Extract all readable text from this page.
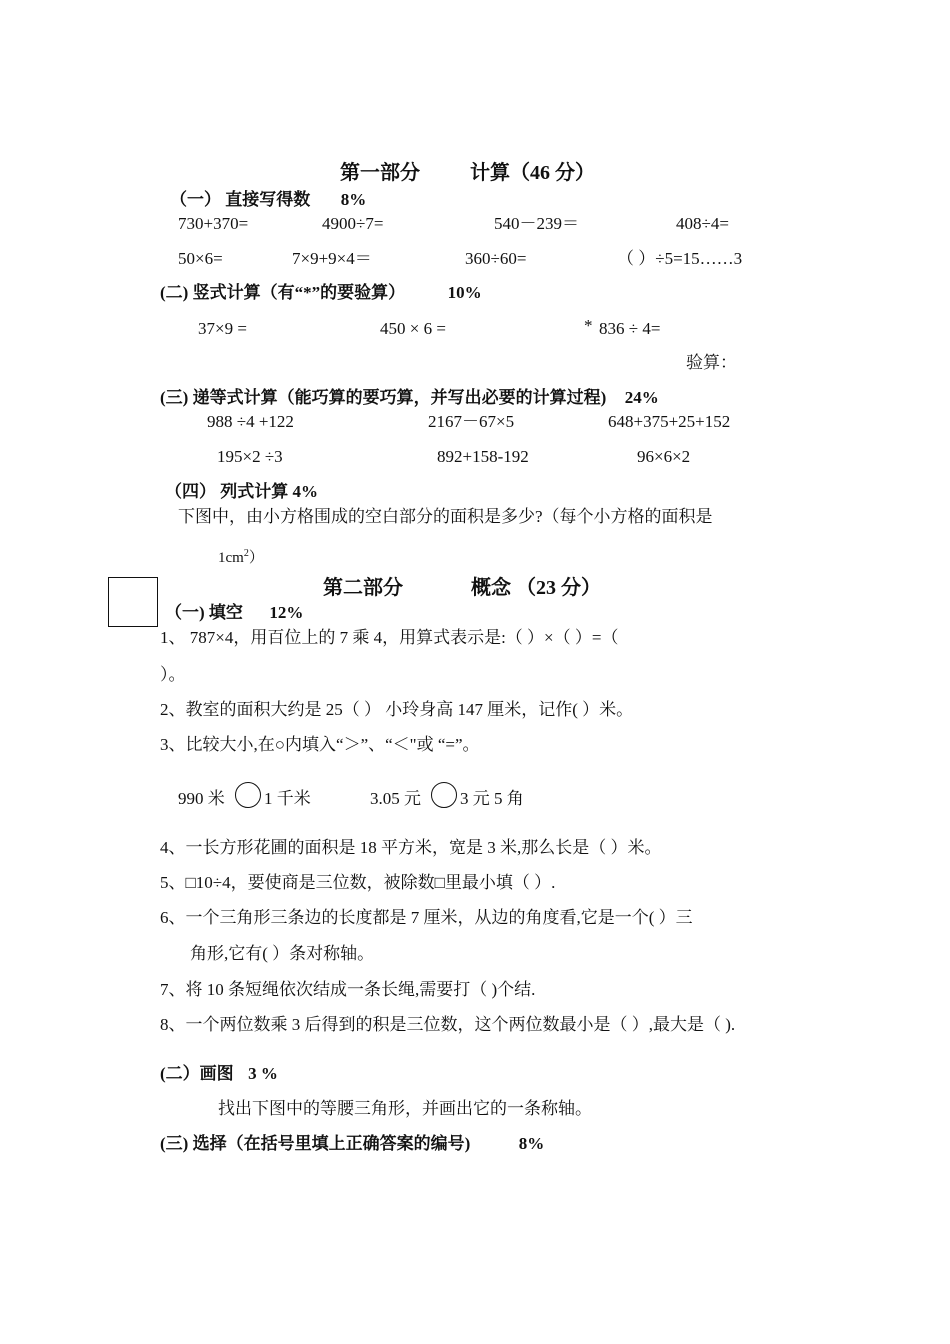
第一部分	计算（46 分）
（一） 直接写得数 8%
730+370=	4900÷7=	540－239＝	408÷4=
50×6=	7×9+9×4＝	360÷60=	（ ）÷5=15……3
(二) 竖式计算（有“*”的要验算）	10%
37×9 =	450 × 6 =	* 836 ÷ 4=
验算：
(三) 递等式计算（能巧算的要巧算，并写出必要的计算过程) 24%
988 ÷4 +122	2167－67×5	648+375+25+152
195×2 ÷3	892+158-192	96×6×2
（四） 列式计算 4%
下图中，由小方格围成的空白部分的面积是多少?（每个小方格的面积是
$1cm^2$）
第二部分	概念 （23 分）
（一) 填空 12%
1、 787×4，用百位上的 7 乘 4，用算式表示是:（ ）×（ ）=（
）。
2、教室的面积大约是 25（ ） 小玲身高 147 厘米，记作( ）米。
3、比较大小,在○内填入“＞”、“＜"或 “=”。
990 米 1 千米	3.05 元 3 元 5 角
4、一长方形花圃的面积是 18 平方米，宽是 3 米,那么长是（ ）米。
5、□10÷4，要使商是三位数，被除数□里最小填（ ）.
6、一个三角形三条边的长度都是 7 厘米，从边的角度看,它是一个( ）三
角形,它有( ）条对称轴。
7、将 10 条短绳依次结成一条长绳,需要打（ )个结.
8、一个两位数乘 3 后得到的积是三位数，这个两位数最小是（ ）,最大是（ ).
(二）画图 3 %
找出下图中的等腰三角形，并画出它的一条称轴。
(三) 选择（在括号里填上正确答案的编号)	8%
